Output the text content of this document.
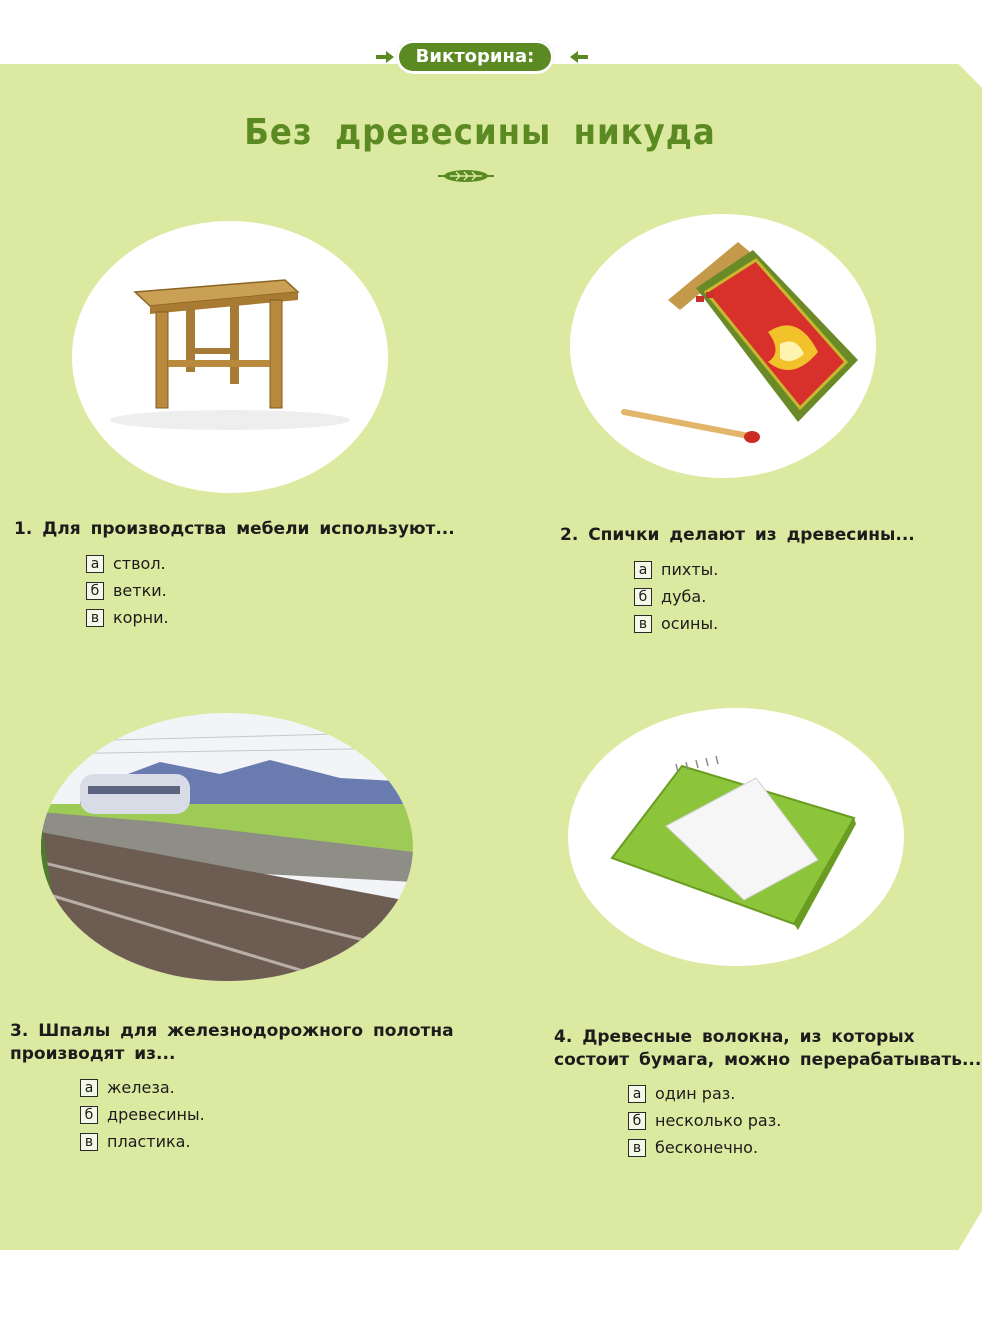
Викторина:
Без древесины никуда
1. Для производства мебели используют...
а ствол.
б ветки.
в корни.
2. Спички делают из древесины...
а пихты.
б дуба.
в осины.
3. Шпалы для железнодорожного полотна
производят из...
а железа.
б древесины.
в пластика.
4. Древесные волокна, из которых
состоит бумага, можно перерабатывать...
а один раз.
б несколько раз.
в бесконечно.
